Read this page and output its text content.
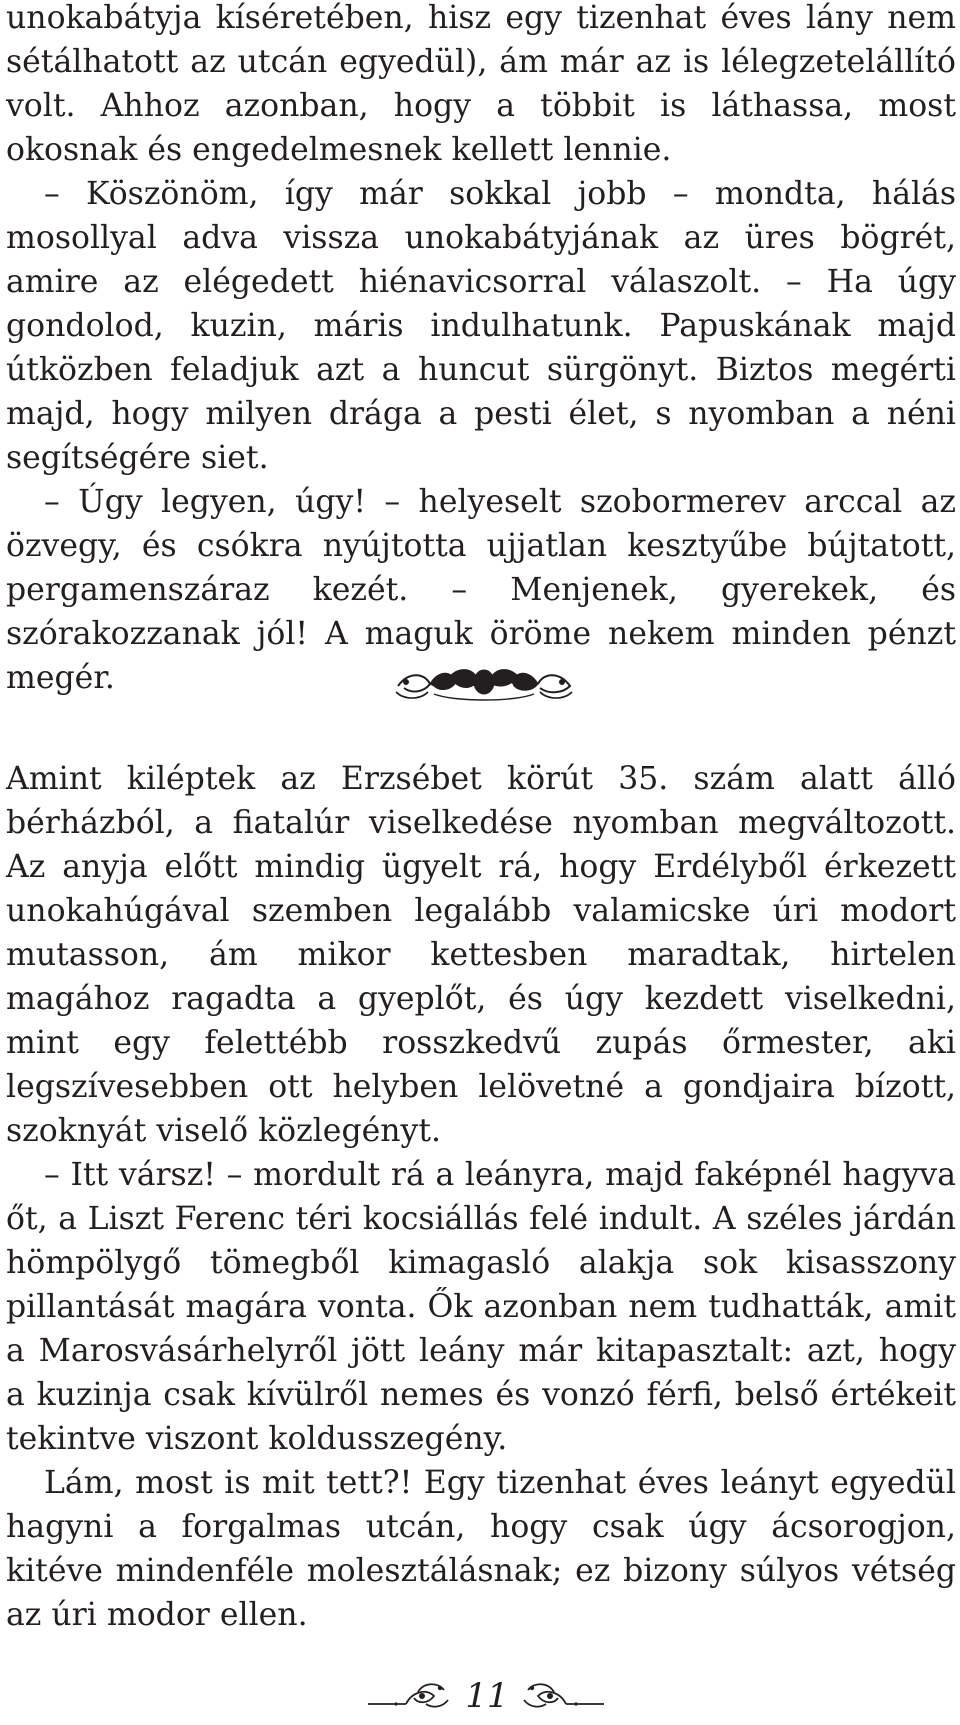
unokabátyja kíséretében, hisz egy tizenhat éves lány nem sétálhatott az utcán egyedül), ám már az is lélegzetelállító volt. Ahhoz azonban, hogy a többit is láthassa, most okosnak és engedelmesnek kellett lennie.

– Köszönöm, így már sokkal jobb – mondta, hálás mosollyal adva vissza unokabátyjának az üres bögrét, amire az elégedett hiénavicsorral válaszolt. – Ha úgy gondolod, kuzin, máris indulhatunk. Papuskának majd útközben feladjuk azt a huncut sürgönyt. Biztos megérti majd, hogy milyen drága a pesti élet, s nyomban a néni segítségére siet.

– Úgy legyen, úgy! – helyeselt szobormerev arccal az özvegy, és csókra nyújtotta ujjatlan kesztyűbe bújtatott, pergamenszáraz kezét. – Menjenek, gyerekek, és szórakozzanak jól! A maguk öröme nekem minden pénzt megér.

Amint kiléptek az Erzsébet körút 35. szám alatt álló bérházból, a fiatalúr viselkedése nyomban megváltozott. Az anyja előtt mindig ügyelt rá, hogy Erdélyből érkezett unokahúgával szemben legalább valamicske úri modort mutasson, ám mikor kettesben maradtak, hirtelen magához ragadta a gyeplőt, és úgy kezdett viselkedni, mint egy felettébb rosszkedvű zupás őrmester, aki legszívesebben ott helyben lelövetné a gondjaira bízott, szoknyát viselő közlegényt.

– Itt vársz! – mordult rá a leányra, majd faképnél hagyva őt, a Liszt Ferenc téri kocsiállás felé indult. A széles járdán hömpölygő tömegből kimagasló alakja sok kisasszony pillantását magára vonta. Ők azonban nem tudhatták, amit a Marosvásárhelyről jött leány már kitapasztalt: azt, hogy a kuzinja csak kívülről nemes és vonzó férfi, belső értékeit tekintve viszont koldusszegény.

Lám, most is mit tett?! Egy tizenhat éves leányt egyedül hagyni a forgalmas utcán, hogy csak úgy ácsorogjon, kitéve mindenféle molesztálásnak; ez bizony súlyos vétség az úri modor ellen.

11
